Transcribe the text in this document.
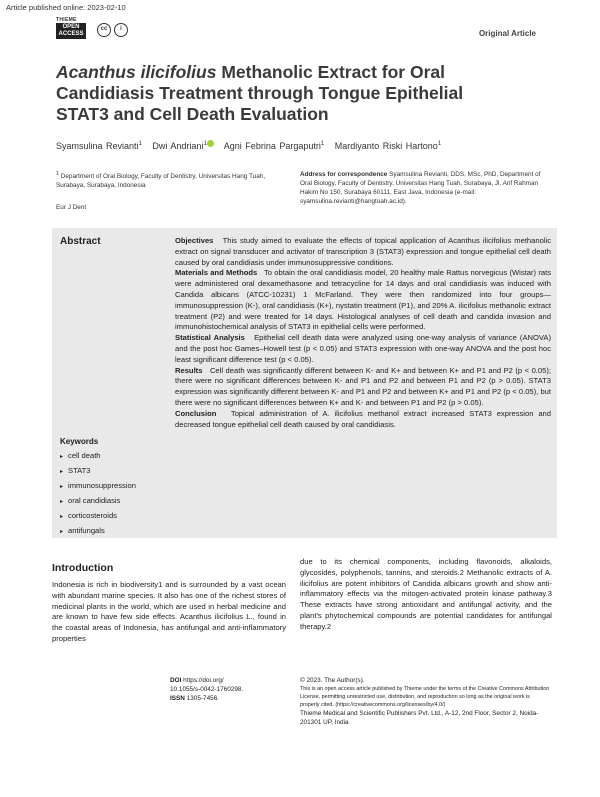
Article published online: 2023-02-10
THIEME
OPEN
ACCESS
cc	i	Original Article
Acanthus ilicifolius Methanolic Extract for Oral Candidiasis Treatment through Tongue Epithelial STAT3 and Cell Death Evaluation
Syamsulina Revianti$^1$ Dwi Andriani$^1$ Agni Febrina Pargaputri$^1$ Mardiyanto Riski Hartono$^1$
$^1$ Department of Oral Biology, Faculty of Dentistry, Universitas Hang Tuah, Surabaya, Surabaya, Indonesia
Eur J Dent
Address for correspondence Syamsulina Revianti, DDS, MSc, PhD, Department of Oral Biology, Faculty of Dentistry, Universitas Hang Tuah, Surabaya, Jl. Arif Rahman Hakim No 150, Surabaya 60111, East Java, Indonesia (e-mail: syamsulina.revianti@hangtuah.ac.id).
Abstract	Objectives This study aimed to evaluate the effects of topical application of Acanthus ilicifolius methanolic extract on signal transducer and activator of transcription 3 (STAT3) expression and tongue epithelial cell death caused by oral candidiasis under immunosuppressive conditions.

Materials and Methods To obtain the oral candidiasis model, 20 healthy male Rattus norvegicus (Wistar) rats were administered oral dexamethasone and tetracycline for 14 days and oral candidiasis was induced with Candida albicans (ATCC-10231) 1 McFarland. They were then randomized into four groups—immunosuppression (K-), oral candidiasis (K+), nystatin treatment (P1), and 20% A. ilicifolius methanolic extract treatment (P2) and were treated for 14 days. Histological analyses of cell death and candida invasion and immunohistochemical analysis of STAT3 in epithelial cells were performed.

Statistical Analysis Epithelial cell death data were analyzed using one-way analysis of variance (ANOVA) and the post hoc Games–Howell test (p < 0.05) and STAT3 expression with one-way ANOVA and the post hoc least significant difference test (p < 0.05).

Results Cell death was significantly different between K- and K+ and between K+ and P1 and P2 (p < 0.05); there were no significant differences between K- and P1 and P2 and between P1 and P2 (p > 0.05). STAT3 expression was significantly different between K- and P1 and P2 and between K+ and P1 and P2 (p < 0.05), but there were no significant differences between K+ and K- and between P1 and P2 (p > 0.05).

Conclusion Topical administration of A. ilicifolius methanol extract increased STAT3 expression and decreased tongue epithelial cell death caused by oral candidiasis.

Keywords
▸ cell death
▸ STAT3
▸ immunosuppression
▸ oral candidiasis
▸ corticosteroids
▸ antifungals
Introduction
Indonesia is rich in biodiversity1 and is surrounded by a vast ocean with abundant marine species. It also has one of the richest stores of medicinal plants in the world, which are used in herbal medicine and are known to have few side effects. Acanthus ilicifolius L., found in the coastal areas of Indonesia, has antifungal and anti-inflammatory properties
due to its chemical components, including flavonoids, alkaloids, glycosides, polyphenols, tannins, and steroids.2 Methanolic extracts of A. ilicifolius are potent inhibitors of Candida albicans growth and show anti-inflammatory effects via the mitogen-activated protein kinase pathway.3 These extracts have strong antioxidant and antifungal activity, and the plant's phytochemical compounds are potential candidates for antifungal therapy.2
DOI https://doi.org/
10.1055/s-0042-1760298.
ISSN 1305-7456.
© 2023. The Author(s).
This is an open access article published by Thieme under the terms of the Creative Commons Attribution License, permitting unrestricted use, distribution, and reproduction so long as the original work is properly cited. (https://creativecommons.org/licenses/by/4.0/)
Thieme Medical and Scientific Publishers Pvt. Ltd., A-12, 2nd Floor, Sector 2, Noida-201301 UP, India
